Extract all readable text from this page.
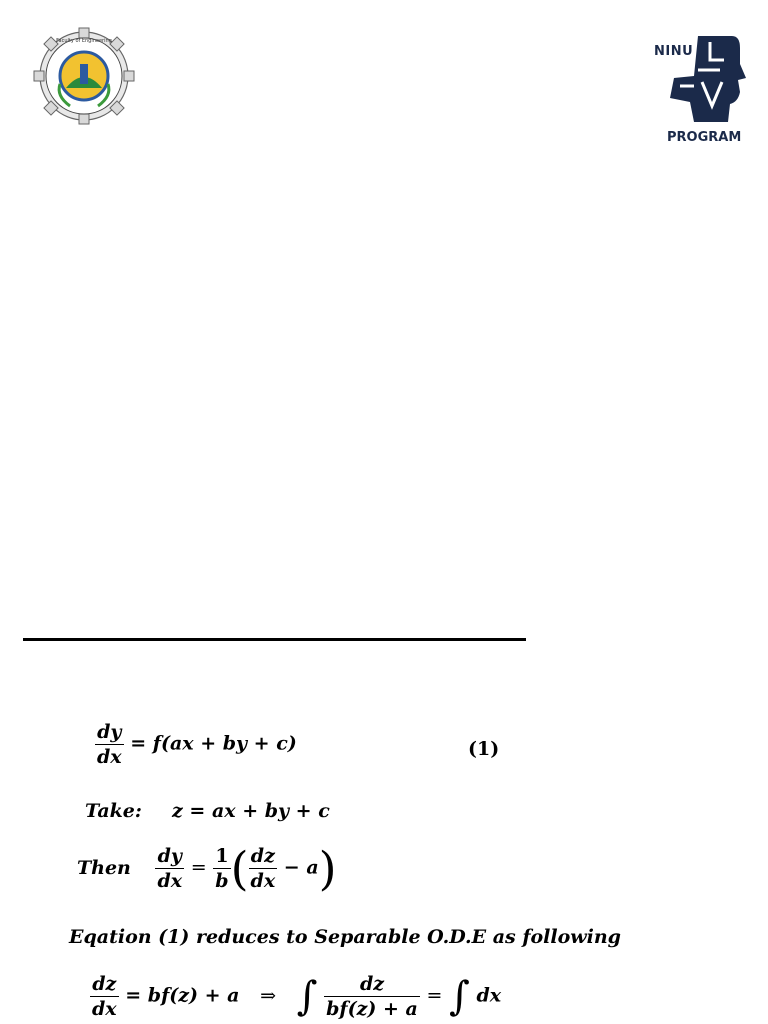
Faculty of Engineering
NINU
PROGRAM
$\frac{dy}{dx} = f(ax$ + by + c)	(1)
Take: z = ax + by + c
Then $\frac{dy}{dx} = \frac{1}{b}$ ( $\frac{dz}{dx} - a$)
Eqation (1) reduces to Separable O.D.E as following
$\frac{dz}{dx} = bf(z) + a$ ⇒ ∫ $\frac{dz}{bf(z) + a}$ = ∫ dx
